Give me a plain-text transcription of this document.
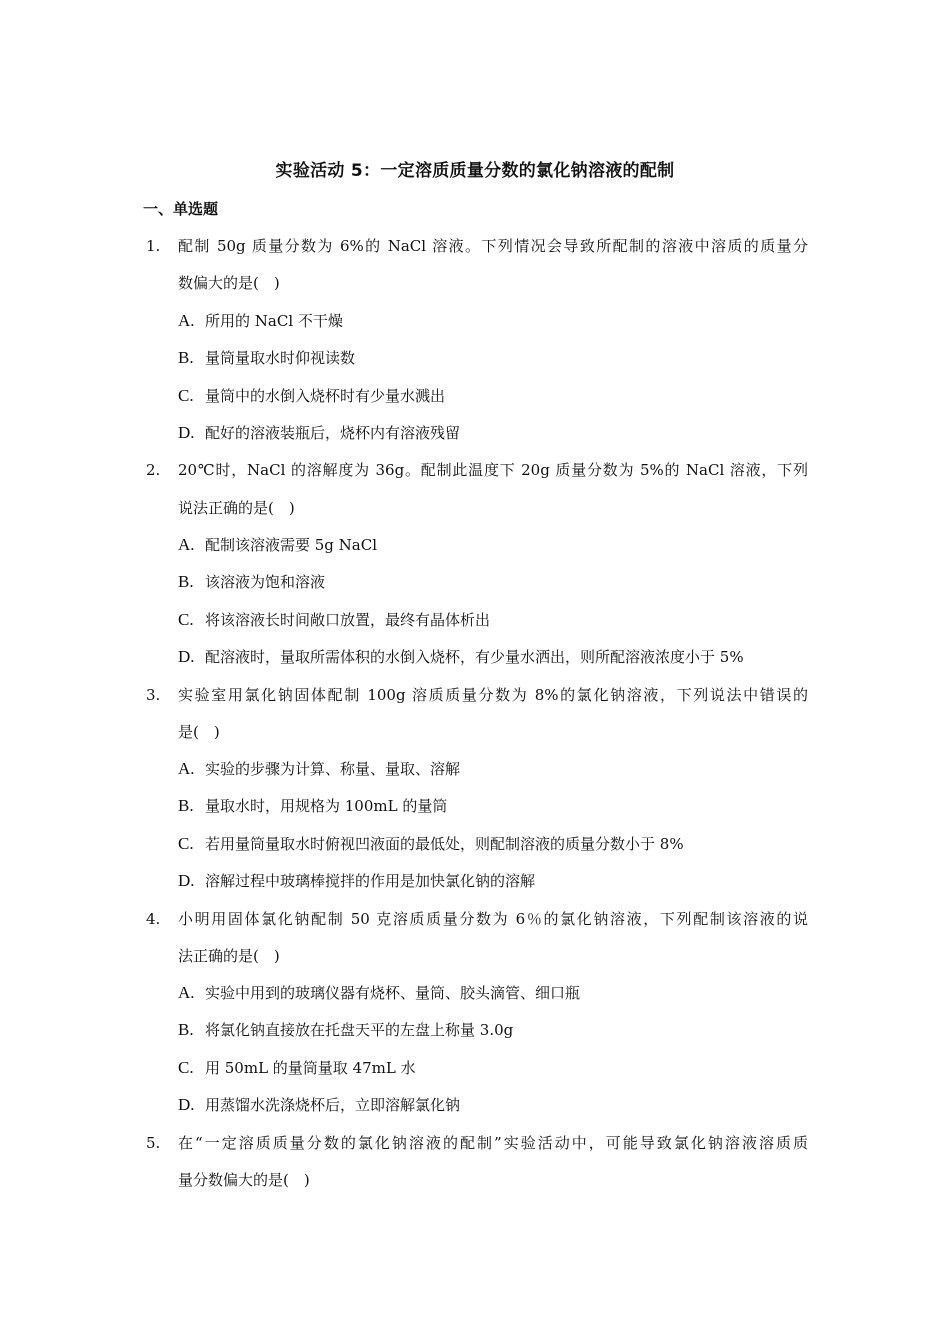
实验活动 5：一定溶质质量分数的氯化钠溶液的配制
一、单选题
1. 配制 50g 质量分数为 6%的 NaCl 溶液。下列情况会导致所配制的溶液中溶质的质量分
数偏大的是(　)
A. 所用的 NaCl 不干燥
B. 量筒量取水时仰视读数
C. 量筒中的水倒入烧杯时有少量水溅出
D. 配好的溶液装瓶后，烧杯内有溶液残留
2. 20℃时，NaCl 的溶解度为 36g。配制此温度下 20g 质量分数为 5%的 NaCl 溶液，下列
说法正确的是(　)
A. 配制该溶液需要 5g NaCl
B. 该溶液为饱和溶液
C. 将该溶液长时间敞口放置，最终有晶体析出
D. 配溶液时，量取所需体积的水倒入烧杯，有少量水洒出，则所配溶液浓度小于 5%
3. 实验室用氯化钠固体配制 100g 溶质质量分数为 8%的氯化钠溶液，下列说法中错误的
是(　)
A. 实验的步骤为计算、称量、量取、溶解
B. 量取水时，用规格为 100mL 的量筒
C. 若用量筒量取水时俯视凹液面的最低处，则配制溶液的质量分数小于 8%
D. 溶解过程中玻璃棒搅拌的作用是加快氯化钠的溶解
4. 小明用固体氯化钠配制 50 克溶质质量分数为 6％的氯化钠溶液，下列配制该溶液的说
法正确的是(　)
A. 实验中用到的玻璃仪器有烧杯、量筒、胶头滴管、细口瓶
B. 将氯化钠直接放在托盘天平的左盘上称量 3.0g
C. 用 50mL 的量筒量取 47mL 水
D. 用蒸馏水洗涤烧杯后，立即溶解氯化钠
5. 在“一定溶质质量分数的氯化钠溶液的配制”实验活动中，可能导致氯化钠溶液溶质质
量分数偏大的是(　)
